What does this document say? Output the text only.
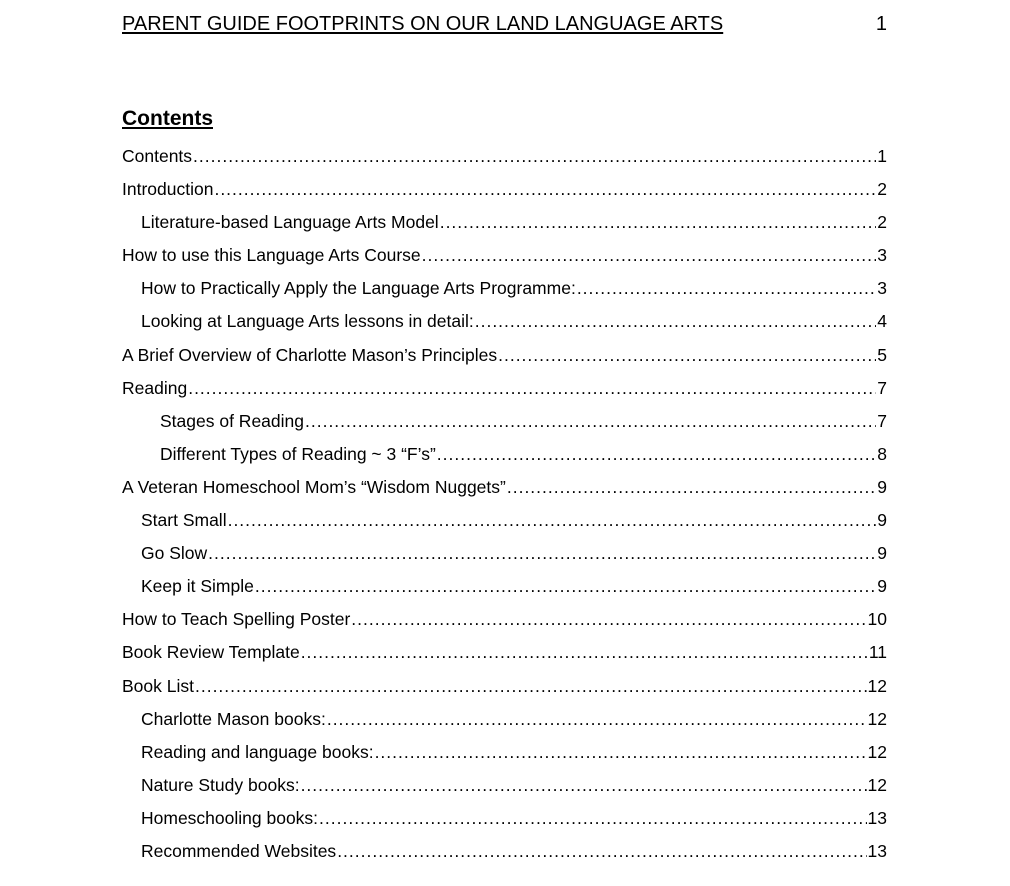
PARENT GUIDE FOOTPRINTS ON OUR LAND LANGUAGE ARTS	1
Contents
Contents .....	1
Introduction .....	2
Literature-based Language Arts Model .....	2
How to use this Language Arts Course .....	3
How to Practically Apply the Language Arts Programme: .....	3
Looking at Language Arts lessons in detail: .....	4
A Brief Overview of Charlotte Mason’s Principles .....	5
Reading .....	7
Stages of Reading .....	7
Different Types of Reading ~ 3 “F’s” .....	8
A Veteran Homeschool Mom’s “Wisdom Nuggets” .....	9
Start Small .....	9
Go Slow .....	9
Keep it Simple .....	9
How to Teach Spelling Poster .....	10
Book Review Template .....	11
Book List .....	12
Charlotte Mason books: .....	12
Reading and language books: .....	12
Nature Study books: .....	12
Homeschooling books: .....	13
Recommended Websites .....	13
